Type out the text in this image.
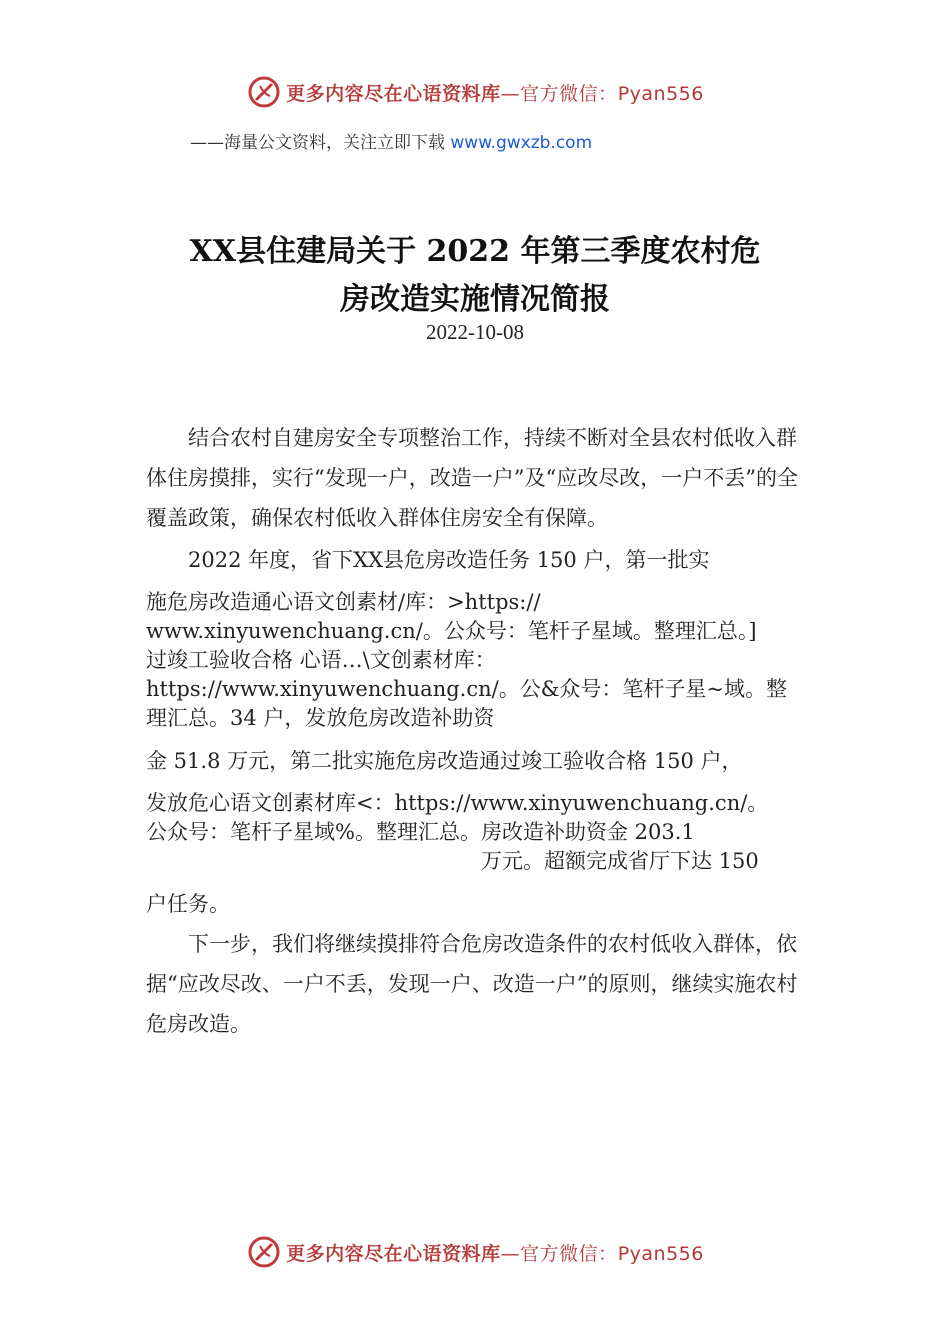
更多内容尽在心语资料库—官方微信：Pyan556
——海量公文资料，关注立即下载 www.gwxzb.com
XX县住建局关于 2022 年第三季度农村危
房改造实施情况简报
2022-10-08

结合农村自建房安全专项整治工作，持续不断对全县农村低收入群体住房摸排，实行“发现一户，改造一户”及“应改尽改，一户不丢”的全覆盖政策，确保农村低收入群体住房安全有保障。

2022 年度，省下XX县危房改造任务 150 户，第一批实

施危房改造通心语文创素材/库：>https://

www.xinyuwenchuang.cn/。公众号：笔杆子星域。整理汇总。]

过竣工验收合格 心语…\文创素材库：

https://www.xinyuwenchuang.cn/。公&众号：笔杆子星~域。整

理汇总。34 户，发放危房改造补助资

金 51.8 万元，第二批实施危房改造通过竣工验收合格 150 户，

发放危心语文创素材库<：https://www.xinyuwenchuang.cn/。

公众号：笔杆子星域%。整理汇总。房改造补助资金 203.1

万元。超额完成省厅下达 150

户任务。

下一步，我们将继续摸排符合危房改造条件的农村低收入群体，依据“应改尽改、一户不丢，发现一户、改造一户”的原则，继续实施农村危房改造。

更多内容尽在心语资料库—官方微信：Pyan556
